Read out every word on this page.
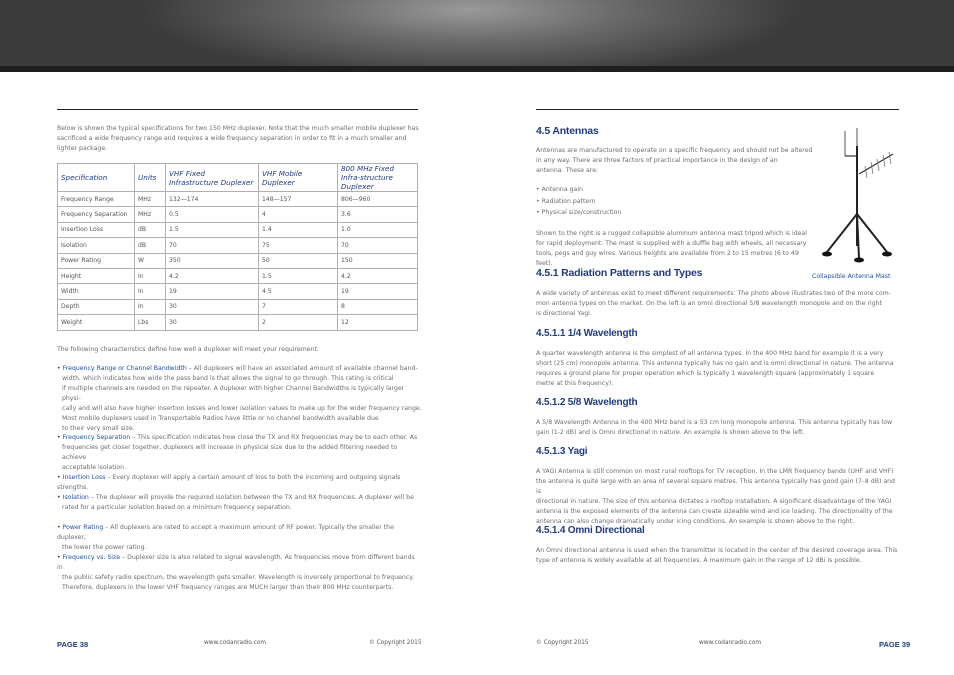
Below is shown the typical specifications for two 150 MHz duplexer. Note that the much smaller mobile duplexer has sacrificed a wide frequency range and requires a wide frequency separation in order to fit in a much smaller and lighter package.

Specification	Units	VHF Fixed Infrastructure Duplexer	VHF Mobile Duplexer	800 MHz Fixed Infra-structure Duplexer
Frequency Range	MHz	132—174	148—157	806—960
Frequency Separation	MHz	0.5	4	3.6
Insertion Loss	dB	1.5	1.4	1.0
Isolation	dB	70	75	70
Power Rating	W	350	50	150
Height	In	4.2	1.5	4.2
Width	In	19	4.5	19
Depth	In	30	7	8
Weight	Lbs	30	2	12

The following characteristics define how well a duplexer will meet your requirement:

• Frequency Range or Channel Bandwidth – All duplexers will have an associated amount of available channel band-
width, which indicates how wide the pass band is that allows the signal to go through. This rating is critical
if multiple channels are needed on the repeater. A duplexer with higher Channel Bandwidths is typically larger physi-
cally and will also have higher insertion losses and lower isolation values to make up for the wider frequency range.
Most mobile duplexers used in Transportable Radios have little or no channel bandwidth available due
to their very small size.
• Frequency Separation – This specification indicates how close the TX and RX frequencies may be to each other. As
frequencies get closer together, duplexers will increase in physical size due to the added filtering needed to achieve
acceptable isolation.
• Insertion Loss – Every duplexer will apply a certain amount of loss to both the incoming and outgoing signals strengths.
• Isolation – The duplexer will provide the required isolation between the TX and RX frequencies. A duplexer will be
rated for a particular isolation based on a minimum frequency separation.
• Power Rating – All duplexers are rated to accept a maximum amount of RF power. Typically the smaller the duplexer,
the lower the power rating.
• Frequency vs. Size – Duplexer size is also related to signal wavelength. As frequencies move from different bands in
the public safety radio spectrum, the wavelength gets smaller. Wavelength is inversely proportional to frequency.
Therefore, duplexers in the lower VHF frequency ranges are MUCH larger than their 800 MHz counterparts.
PAGE 38	www.codanradio.com	© Copyright 2015
4.5 Antennas
Antennas are manufactured to operate on a specific frequency and should not be altered
in any way. There are three factors of practical importance in the design of an
antenna. These are:
• Antenna gain
• Radiation pattern
• Physical size/construction
Shown to the right is a rugged collapsible aluminum antenna mast tripod which is ideal
for rapid deployment. The mast is supplied with a duffle bag with wheels, all necessary
tools, pegs and guy wires. Various heights are available from 2 to 15 metres (6 to 49 feet).
Collapsible Antenna Mast
4.5.1 Radiation Patterns and Types
A wide variety of antennas exist to meet different requirements. The photo above illustrates two of the more com-
mon antenna types on the market. On the left is an omni directional 5/8 wavelength monopole and on the right
is directional Yagi.
4.5.1.1 1/4 Wavelength
A quarter wavelength antenna is the simplest of all antenna types. In the 400 MHz band for example it is a very
short (25 cm) monopole antenna. This antenna typically has no gain and is omni directional in nature. The antenna
requires a ground plane for proper operation which is typically 1 wavelength square (approximately 1 square
metre at this frequency).
4.5.1.2 5/8 Wavelength
A 5/8 Wavelength Antenna in the 400 MHz band is a 53 cm long monopole antenna. This antenna typically has low
gain (1-2 dB) and is Omni directional in nature. An example is shown above to the left.
4.5.1.3 Yagi
A YAGI Antenna is still common on most rural rooftops for TV reception. In the LMR frequency bands (UHF and VHF)
the antenna is quite large with an area of several square metres. This antenna typically has good gain (7–8 dB) and is
directional in nature. The size of this antenna dictates a rooftop installation. A significant disadvantage of the YAGI
antenna is the exposed elements of the antenna can create sizeable wind and ice loading. The directionality of the
antenna can also change dramatically under icing conditions. An example is shown above to the right.
4.5.1.4 Omni Directional
An Omni directional antenna is used when the transmitter is located in the center of the desired coverage area. This
type of antenna is widely available at all frequencies. A maximum gain in the range of 12 dBi is possible.
© Copyright 2015	www.codanradio.com	PAGE 39
